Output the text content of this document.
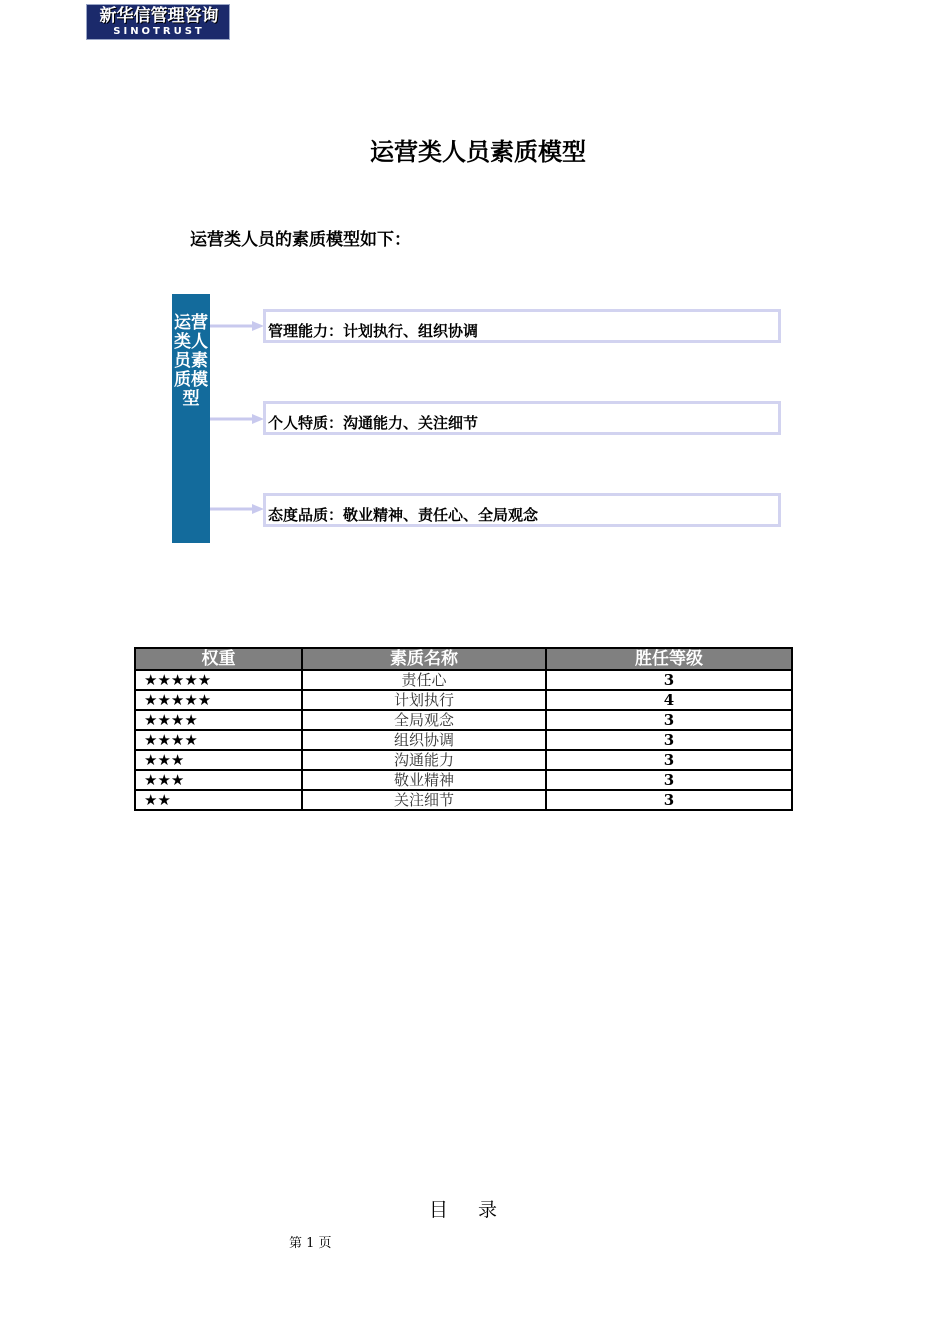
新华信管理咨询
SINOTRUST
运营类人员素质模型
运营类人员的素质模型如下：
运营类人员素质模型
管理能力：计划执行、组织协调
个人特质：沟通能力、关注细节
态度品质：敬业精神、责任心、全局观念
权重	素质名称	胜任等级
★★★★★	责任心	3
★★★★★	计划执行	4
★★★★	全局观念	3
★★★★	组织协调	3
★★★	沟通能力	3
★★★	敬业精神	3
★★	关注细节	3
目录
第 1 页
